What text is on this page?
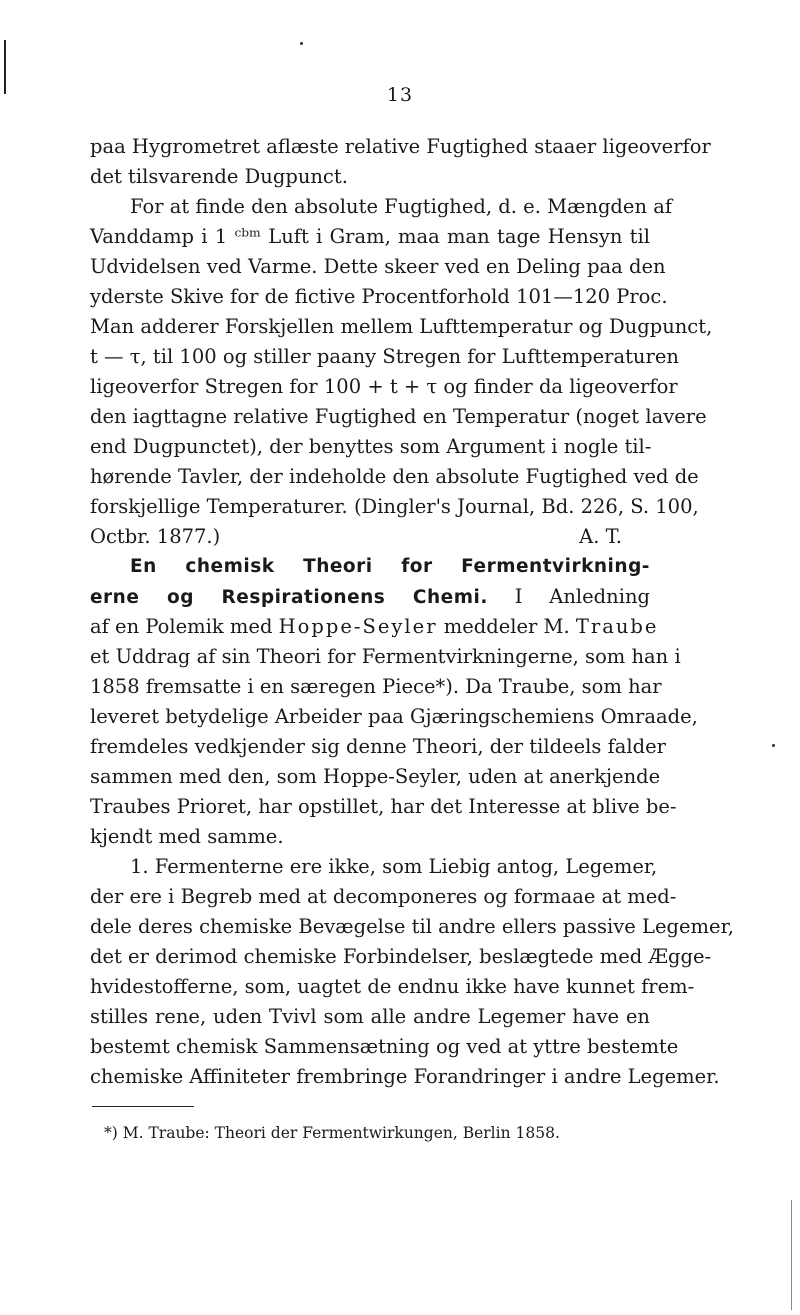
13
paa Hygrometret aflæste relative Fugtighed staaer ligeoverfor
det tilsvarende Dugpunct.
For at finde den absolute Fugtighed, d. e. Mængden af
Vanddamp i 1 ᶜᵇᵐ Luft i Gram, maa man tage Hensyn til
Udvidelsen ved Varme. Dette skeer ved en Deling paa den
yderste Skive for de fictive Procentforhold 101—120 Proc.
Man adderer Forskjellen mellem Lufttemperatur og Dugpunct,
t — τ, til 100 og stiller paany Stregen for Lufttemperaturen
ligeoverfor Stregen for 100 + t + τ og finder da ligeoverfor
den iagttagne relative Fugtighed en Temperatur (noget lavere
end Dugpunctet), der benyttes som Argument i nogle til-
hørende Tavler, der indeholde den absolute Fugtighed ved de
forskjellige Temperaturer. (Dingler's Journal, Bd. 226, S. 100,
Octbr. 1877.)	A. T.
En chemisk Theori for Fermentvirkning-
erne og Respirationens Chemi. I Anledning
af en Polemik med Hoppe-Seyler meddeler M. Traube
et Uddrag af sin Theori for Fermentvirkningerne, som han i
1858 fremsatte i en særegen Piece*). Da Traube, som har
leveret betydelige Arbeider paa Gjæringschemiens Omraade,
fremdeles vedkjender sig denne Theori, der tildeels falder
sammen med den, som Hoppe-Seyler, uden at anerkjende
Traubes Prioret, har opstillet, har det Interesse at blive be-
kjendt med samme.
1. Fermenterne ere ikke, som Liebig antog, Legemer,
der ere i Begreb med at decomponeres og formaae at med-
dele deres chemiske Bevægelse til andre ellers passive Legemer,
det er derimod chemiske Forbindelser, beslægtede med Ægge-
hvidestofferne, som, uagtet de endnu ikke have kunnet frem-
stilles rene, uden Tvivl som alle andre Legemer have en
bestemt chemisk Sammensætning og ved at yttre bestemte
chemiske Affiniteter frembringe Forandringer i andre Legemer.
*) M. Traube: Theori der Fermentwirkungen, Berlin 1858.
